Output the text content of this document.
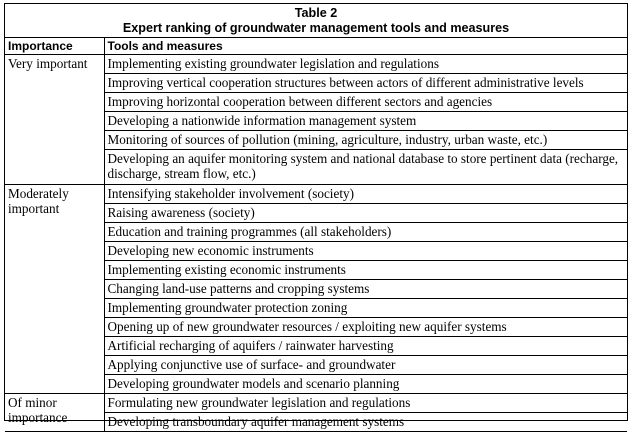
Table 2
Expert ranking of groundwater management tools and measures
Importance	Tools and measures
Very important	Implementing existing groundwater legislation and regulations
	Improving vertical cooperation structures between actors of different administrative levels
	Improving horizontal cooperation between different sectors and agencies
	Developing a nationwide information management system
	Monitoring of sources of pollution (mining, agriculture, industry, urban waste, etc.)
	Developing an aquifer monitoring system and national database to store pertinent data (recharge, discharge, stream flow, etc.)
Moderately important	Intensifying stakeholder involvement (society)
	Raising awareness (society)
	Education and training programmes (all stakeholders)
	Developing new economic instruments
	Implementing existing economic instruments
	Changing land-use patterns and cropping systems
	Implementing groundwater protection zoning
	Opening up of new groundwater resources / exploiting new aquifer systems
	Artificial recharging of aquifers / rainwater harvesting
	Applying conjunctive use of surface- and groundwater
	Developing groundwater models and scenario planning
Of minor importance	Formulating new groundwater legislation and regulations
	Developing transboundary aquifer management systems
